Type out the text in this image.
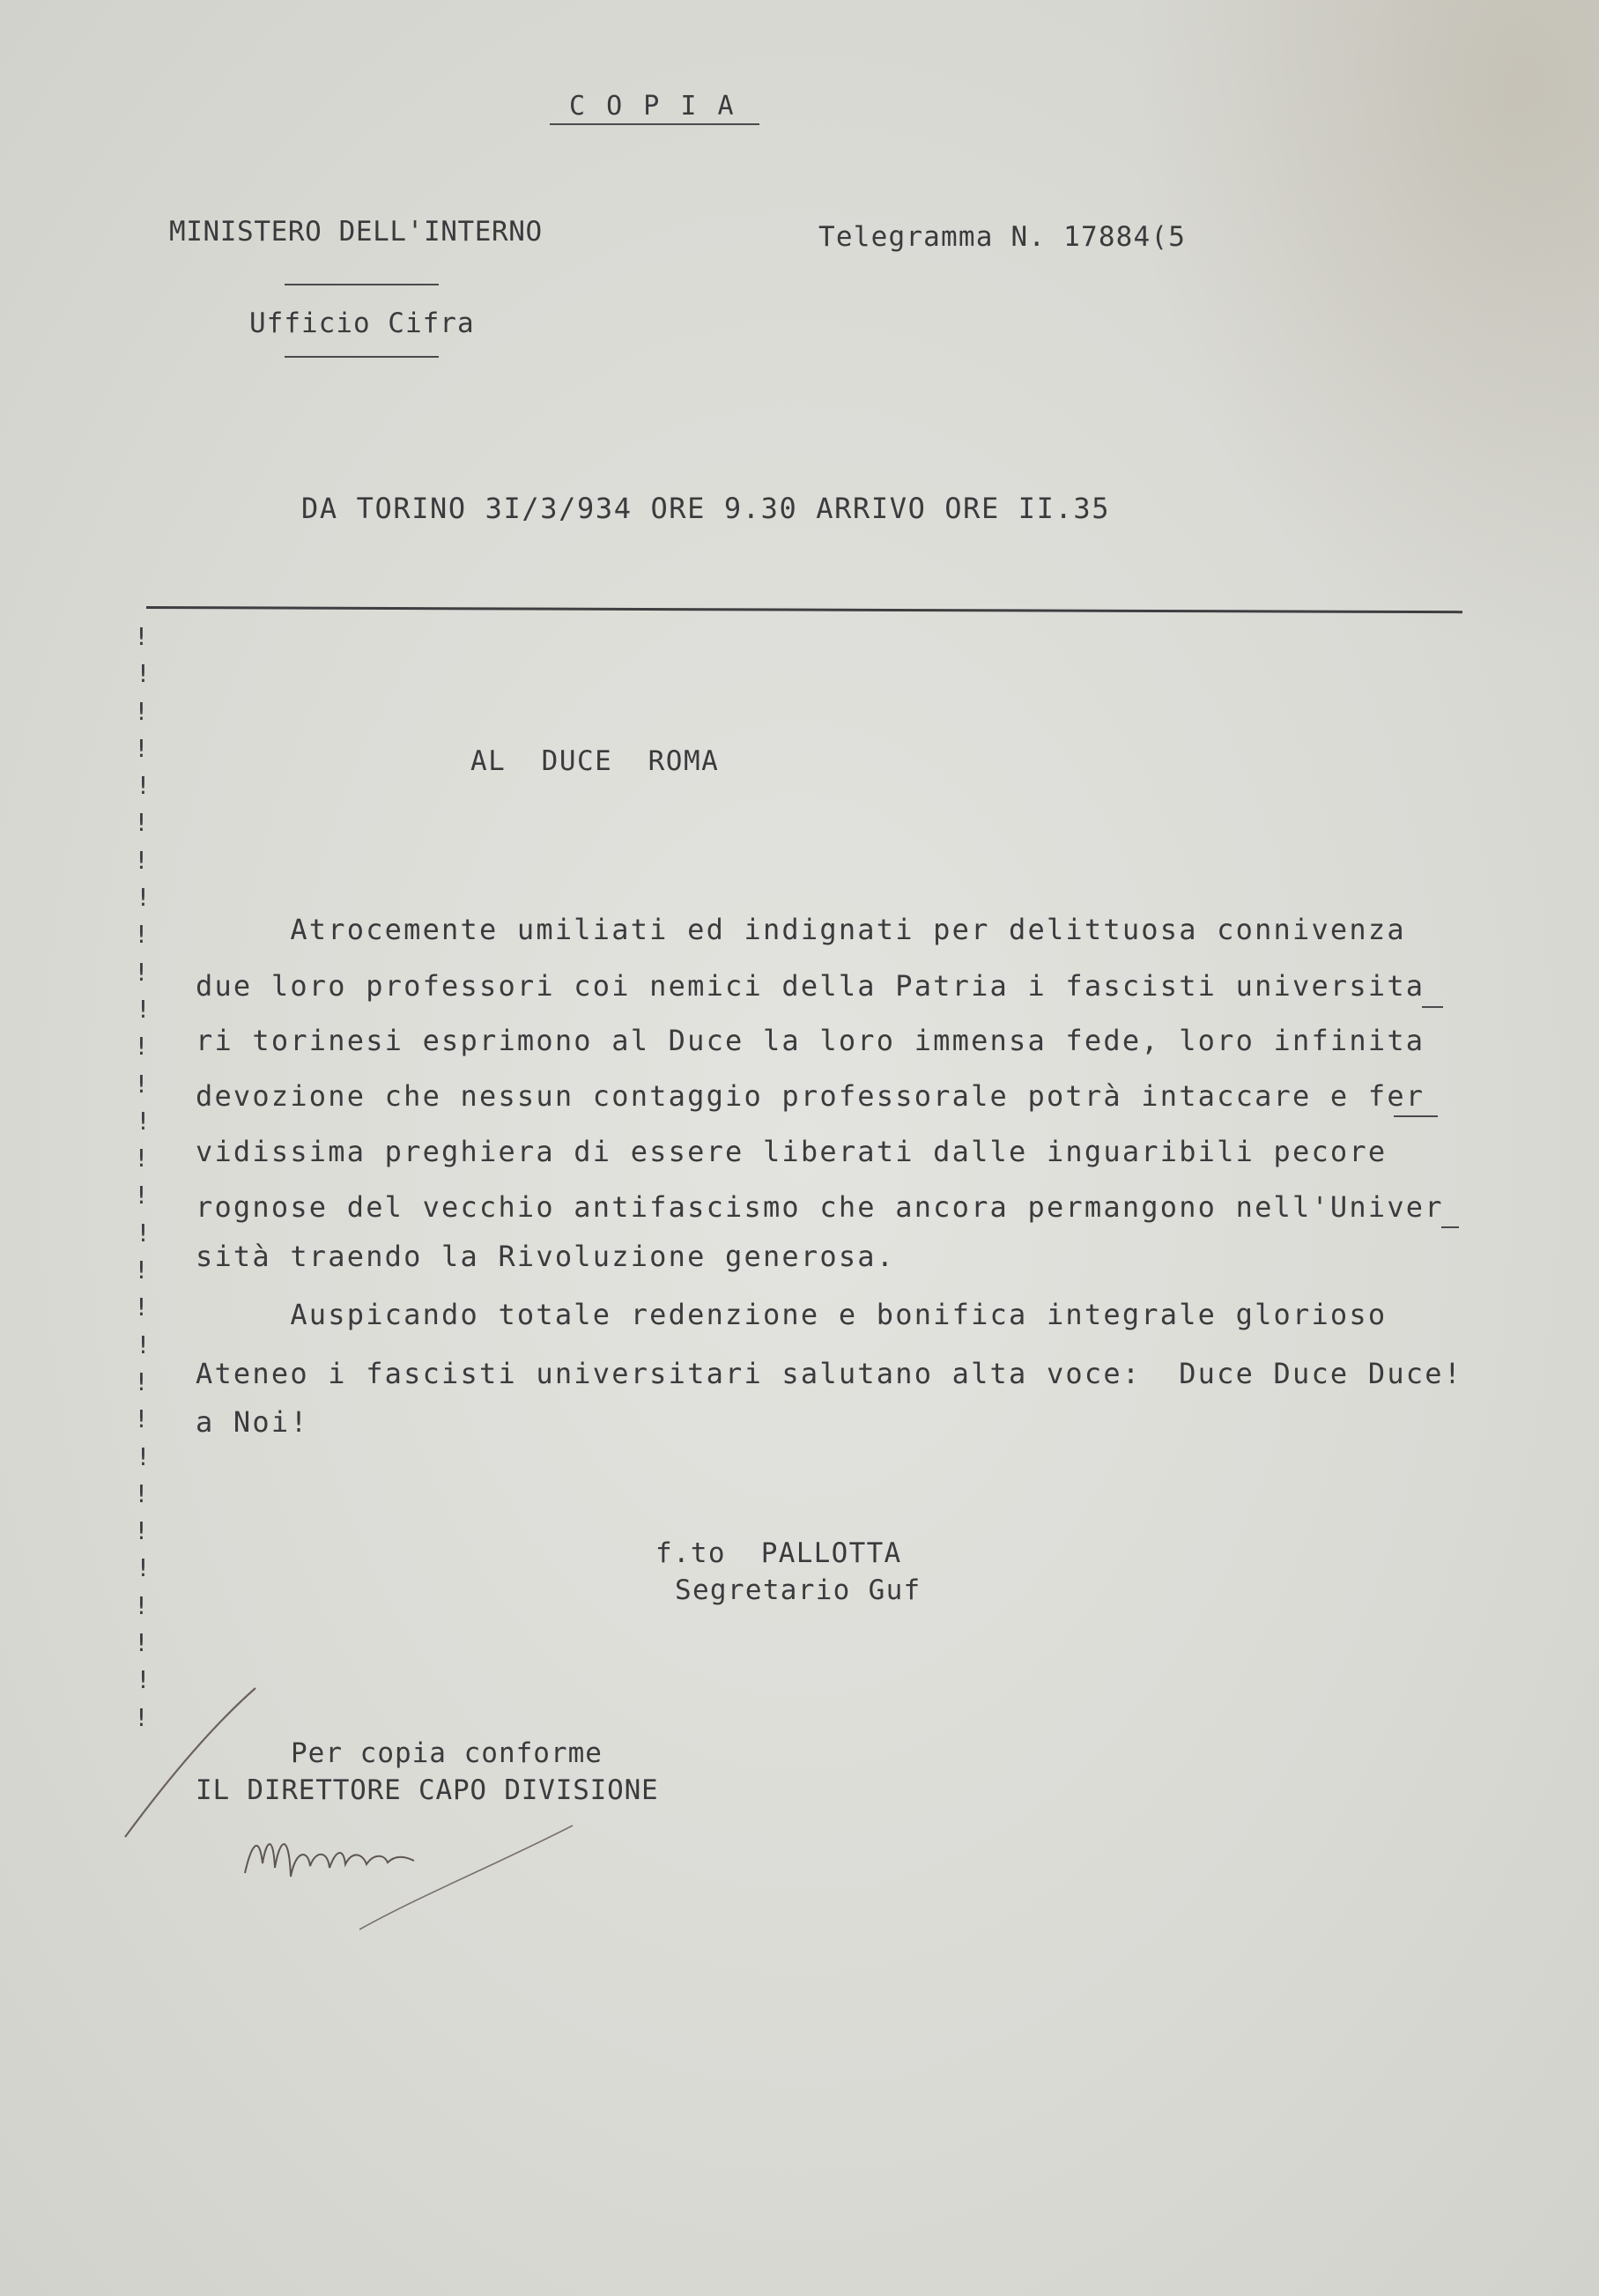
C O P I A
MINISTERO DELL'INTERNO
Ufficio Cifra
Telegramma N. 17884(5
DA TORINO 3I/3/934 ORE 9.30 ARRIVO ORE II.35
!
!
!
!
!
!
!
!
!
!
!
!
!
!
!
!
!
!
!
!
!
!
!
!
!
!
!
!
!
!
AL  DUCE  ROMA
Atrocemente umiliati ed indignati per delittuosa connivenza
due loro professori coi nemici della Patria i fascisti universita
ri torinesi esprimono al Duce la loro immensa fede, loro infinita
devozione che nessun contaggio professorale potrà intaccare e fer
vidissima preghiera di essere liberati dalle inguaribili pecore
rognose del vecchio antifascismo che ancora permangono nell'Univer
sità traendo la Rivoluzione generosa.
Auspicando totale redenzione e bonifica integrale glorioso
Ateneo i fascisti universitari salutano alta voce:  Duce Duce Duce!
a Noi!
f.to  PALLOTTA
Segretario Guf
Per copia conforme
IL DIRETTORE CAPO DIVISIONE
